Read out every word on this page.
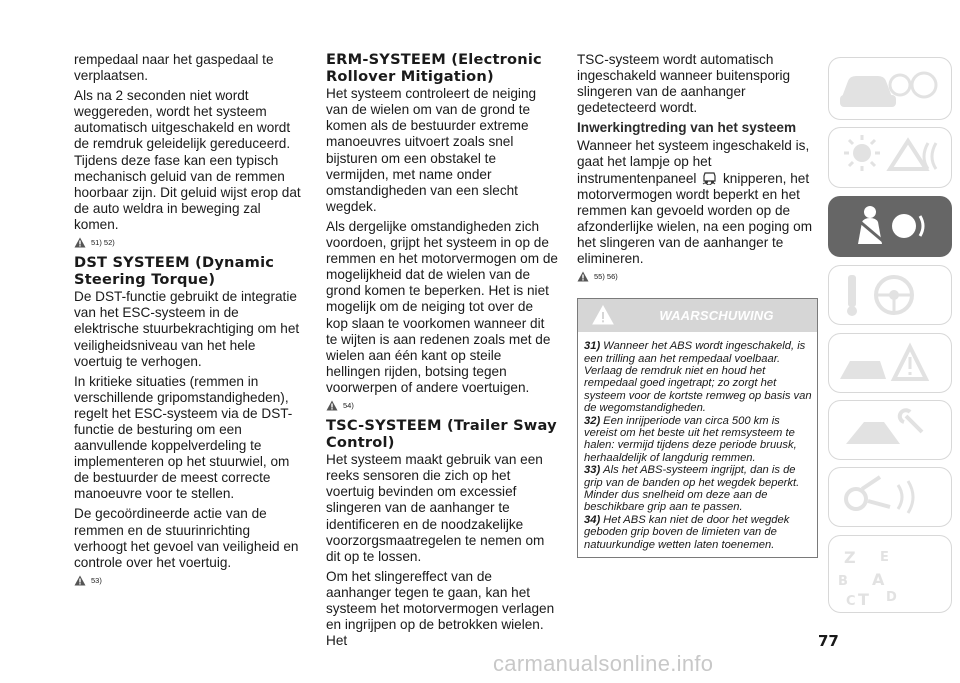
rempedaal naar het gaspedaal te verplaatsen.

Als na 2 seconden niet wordt weggereden, wordt het systeem automatisch uitgeschakeld en wordt de remdruk geleidelijk gereduceerd. Tijdens deze fase kan een typisch mechanisch geluid van de remmen hoorbaar zijn. Dit geluid wijst erop dat de auto weldra in beweging zal komen.

51) 52)
DST SYSTEEM (Dynamic Steering Torque)

De DST-functie gebruikt de integratie van het ESC-systeem in de elektrische stuurbekrachtiging om het veiligheidsniveau van het hele voertuig te verhogen.

In kritieke situaties (remmen in verschillende gripomstandigheden), regelt het ESC-systeem via de DST-functie de besturing om een aanvullende koppelverdeling te implementeren op het stuurwiel, om de bestuurder de meest correcte manoeuvre voor te stellen.

De gecoördineerde actie van de remmen en de stuurinrichting verhoogt het gevoel van veiligheid en controle over het voertuig.

53)
ERM-SYSTEEM (Electronic Rollover Mitigation)

Het systeem controleert de neiging van de wielen om van de grond te komen als de bestuurder extreme manoeuvres uitvoert zoals snel bijsturen om een obstakel te vermijden, met name onder omstandigheden van een slecht wegdek.

Als dergelijke omstandigheden zich voordoen, grijpt het systeem in op de remmen en het motorvermogen om de mogelijkheid dat de wielen van de grond komen te beperken. Het is niet mogelijk om de neiging tot over de kop slaan te voorkomen wanneer dit te wijten is aan redenen zoals met de wielen aan één kant op steile hellingen rijden, botsing tegen voorwerpen of andere voertuigen.

54)
TSC-SYSTEEM (Trailer Sway Control)

Het systeem maakt gebruik van een reeks sensoren die zich op het voertuig bevinden om excessief slingeren van de aanhanger te identificeren en de noodzakelijke voorzorgsmaatregelen te nemen om dit op te lossen.

Om het slingereffect van de aanhanger tegen te gaan, kan het systeem het motorvermogen verlagen en ingrijpen op de betrokken wielen. Het

TSC-systeem wordt automatisch ingeschakeld wanneer buitensporig slingeren van de aanhanger gedetecteerd wordt.

Inwerkingtreding van het systeem

Wanneer het systeem ingeschakeld is, gaat het lampje op het instrumentenpaneel knipperen, het motorvermogen wordt beperkt en het remmen kan gevoeld worden op de afzonderlijke wielen, na een poging om het slingeren van de aanhanger te elimineren.

55) 56)
WAARSCHUWING

31) Wanneer het ABS wordt ingeschakeld, is een trilling aan het rempedaal voelbaar. Verlaag de remdruk niet en houd het rempedaal goed ingetrapt; zo zorgt het systeem voor de kortste remweg op basis van de wegomstandigheden.

32) Een inrijperiode van circa 500 km is vereist om het beste uit het remsysteem te halen: vermijd tijdens deze periode bruusk, herhaaldelijk of langdurig remmen.

33) Als het ABS-systeem ingrijpt, dan is de grip van de banden op het wegdek beperkt. Minder dus snelheid om deze aan de beschikbare grip aan te passen.

34) Het ABS kan niet de door het wegdek geboden grip boven de limieten van de natuurkundige wetten laten toenemen.

Z E
B A
C T D
77
carmanualsonline.info
